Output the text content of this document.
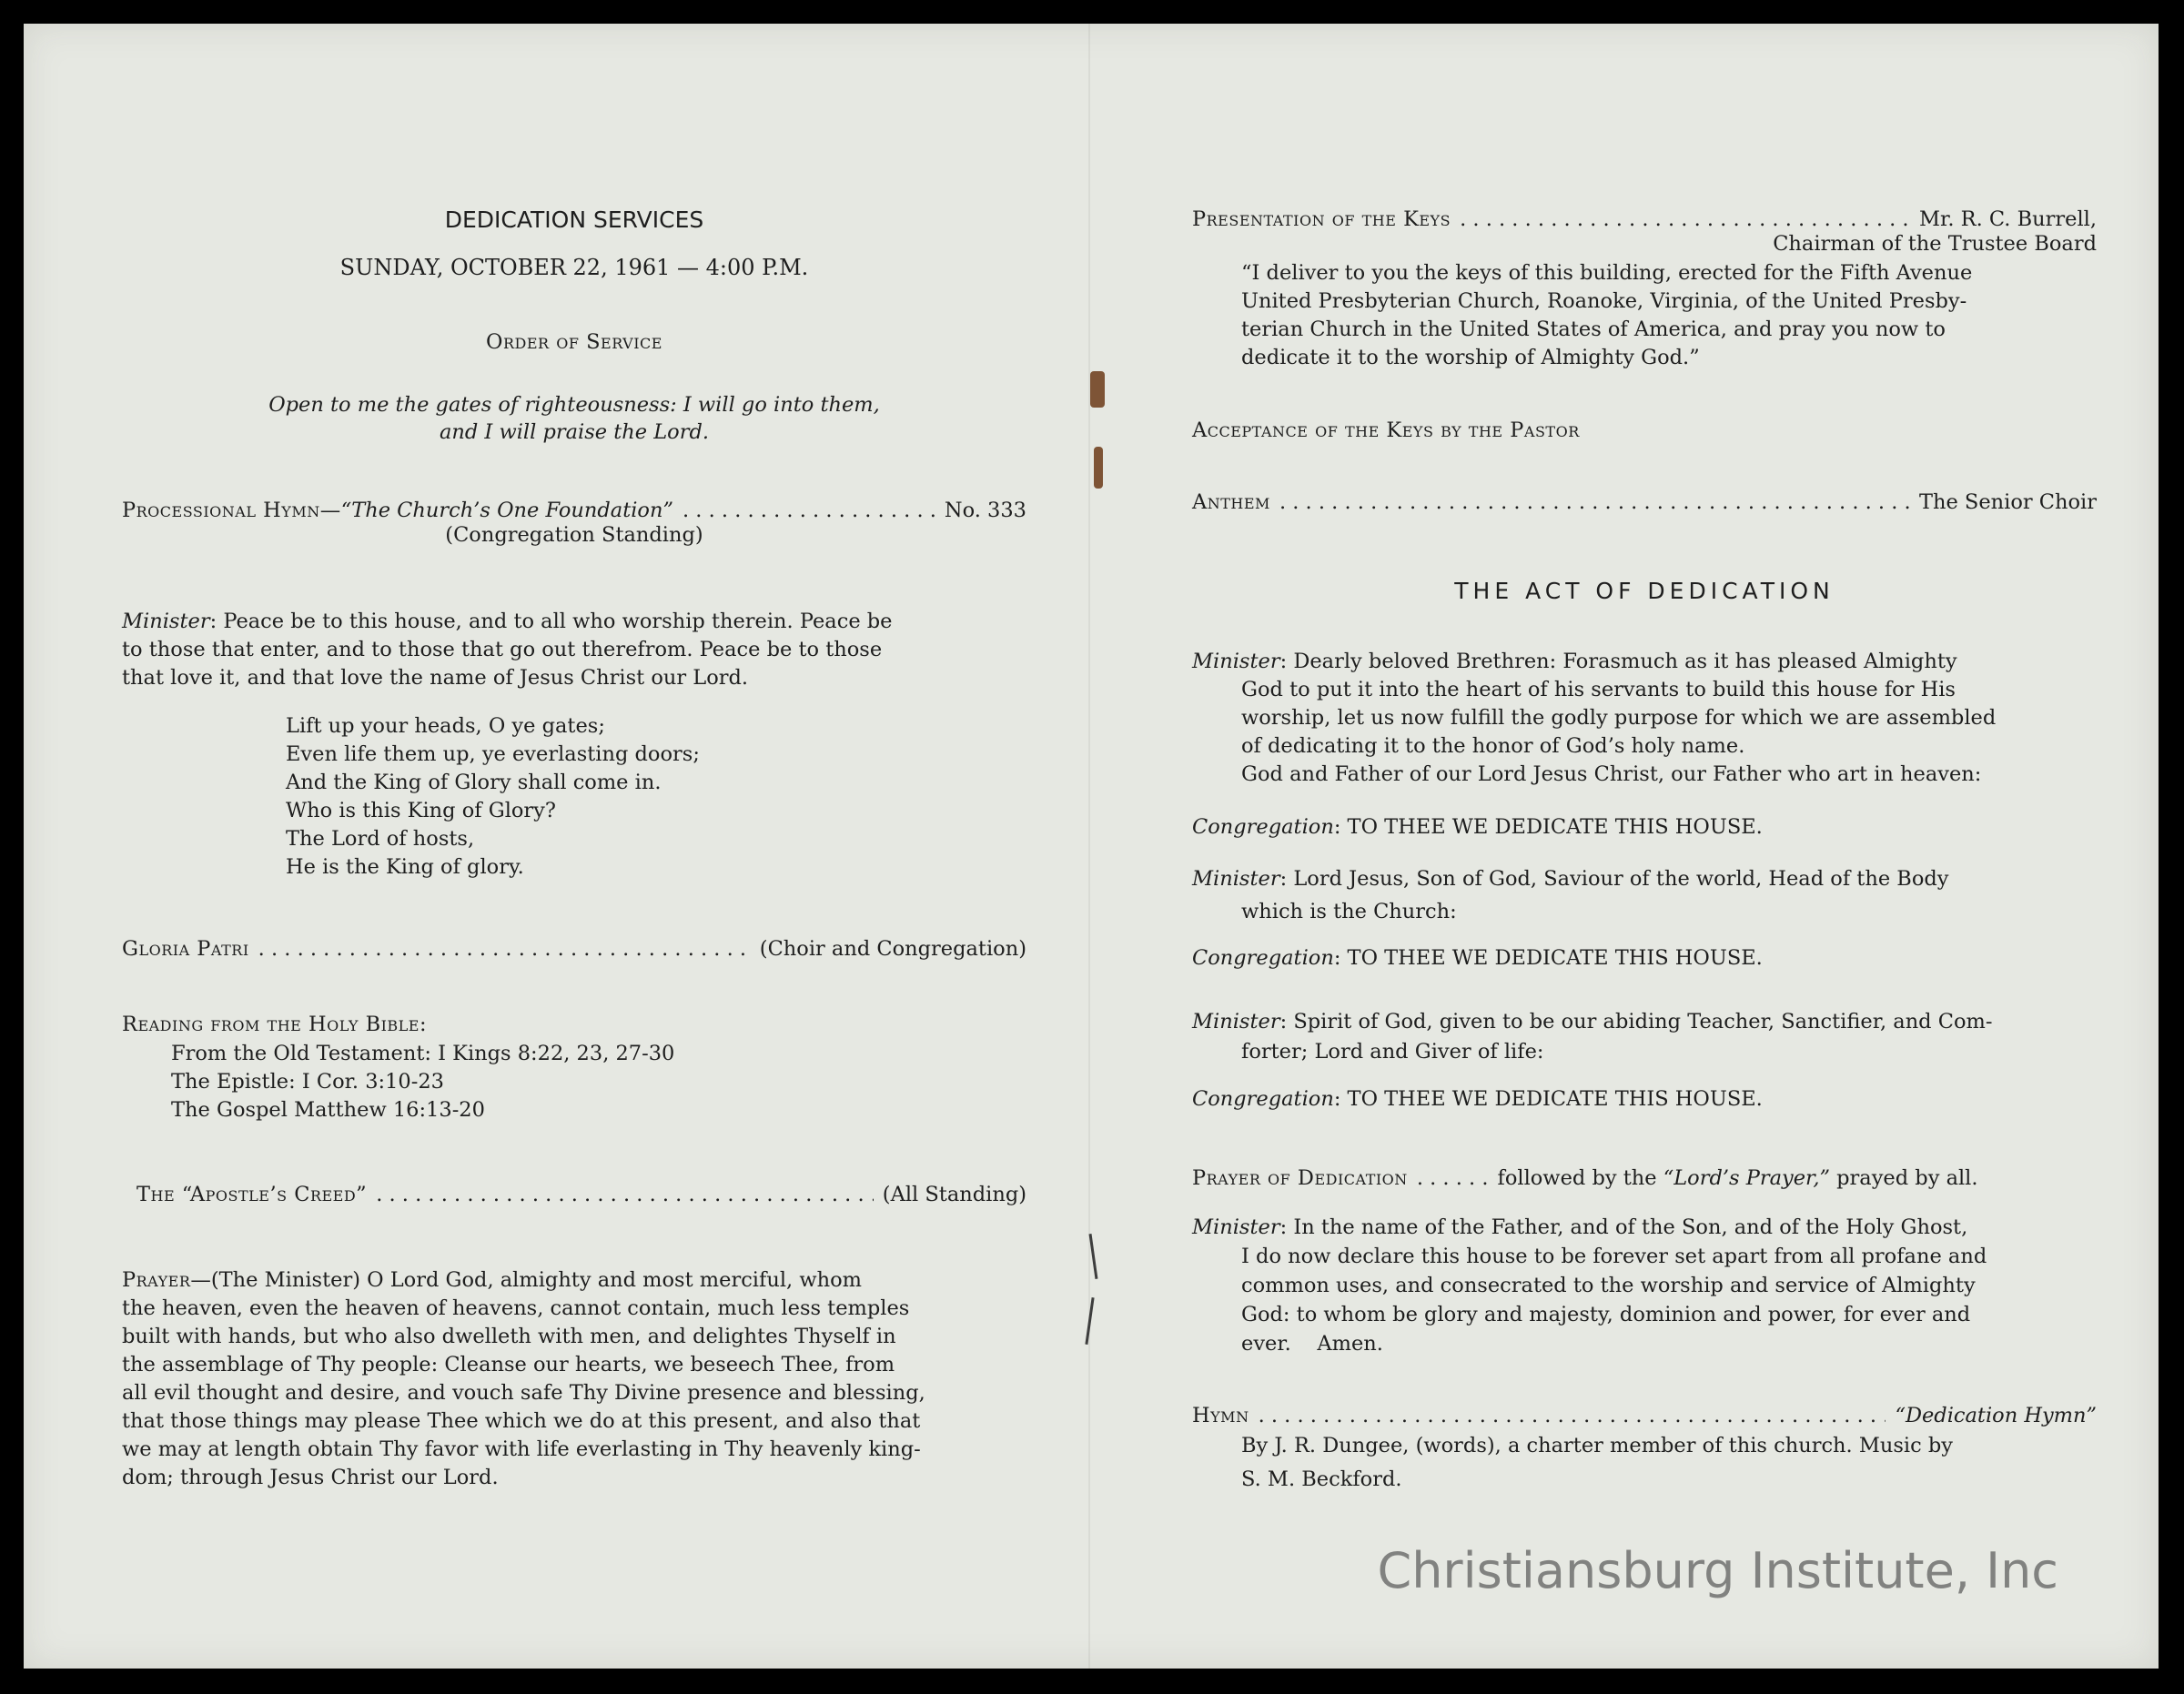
DEDICATION SERVICES
SUNDAY, OCTOBER 22, 1961 — 4:00 P.M.
Order of Service
Open to me the gates of righteousness: I will go into them,
and I will praise the Lord.
Processional Hymn—“The Church’s One Foundation” . . .	No. 333
(Congregation Standing)
Minister: Peace be to this house, and to all who worship therein. Peace be
to those that enter, and to those that go out therefrom. Peace be to those
that love it, and that love the name of Jesus Christ our Lord.
Lift up your heads, O ye gates;
Even life them up, ye everlasting doors;
And the King of Glory shall come in.
Who is this King of Glory?
The Lord of hosts,
He is the King of glory.
Gloria Patri . . .	(Choir and Congregation)
Reading from the Holy Bible:
From the Old Testament: I Kings 8:22, 23, 27-30
The Epistle: I Cor. 3:10-23
The Gospel Matthew 16:13-20
The “Apostle’s Creed” . . .	(All Standing)
Prayer—(The Minister) O Lord God, almighty and most merciful, whom
the heaven, even the heaven of heavens, cannot contain, much less temples
built with hands, but who also dwelleth with men, and delightes Thyself in
the assemblage of Thy people: Cleanse our hearts, we beseech Thee, from
all evil thought and desire, and vouch safe Thy Divine presence and blessing,
that those things may please Thee which we do at this present, and also that
we may at length obtain Thy favor with life everlasting in Thy heavenly king-
dom; through Jesus Christ our Lord.
Presentation of the Keys . . .	Mr. R. C. Burrell,
Chairman of the Trustee Board
“I deliver to you the keys of this building, erected for the Fifth Avenue
United Presbyterian Church, Roanoke, Virginia, of the United Presby-
terian Church in the United States of America, and pray you now to
dedicate it to the worship of Almighty God.”
Acceptance of the Keys by the Pastor
Anthem . . .	The Senior Choir
THE ACT OF DEDICATION
Minister: Dearly beloved Brethren: Forasmuch as it has pleased Almighty
God to put it into the heart of his servants to build this house for His
worship, let us now fulfill the godly purpose for which we are assembled
of dedicating it to the honor of God’s holy name.
God and Father of our Lord Jesus Christ, our Father who art in heaven:
Congregation: TO THEE WE DEDICATE THIS HOUSE.
Minister: Lord Jesus, Son of God, Saviour of the world, Head of the Body
which is the Church:
Congregation: TO THEE WE DEDICATE THIS HOUSE.
Minister: Spirit of God, given to be our abiding Teacher, Sanctifier, and Com-
forter; Lord and Giver of life:
Congregation: TO THEE WE DEDICATE THIS HOUSE.
Prayer of Dedication . . . . . . followed by the “Lord’s Prayer,” prayed by all.
Minister: In the name of the Father, and of the Son, and of the Holy Ghost,
I do now declare this house to be forever set apart from all profane and
common uses, and consecrated to the worship and service of Almighty
God: to whom be glory and majesty, dominion and power, for ever and
ever.    Amen.
Hymn . . .	“Dedication Hymn”
By J. R. Dungee, (words), a charter member of this church. Music by
S. M. Beckford.
Christiansburg Institute, Inc
